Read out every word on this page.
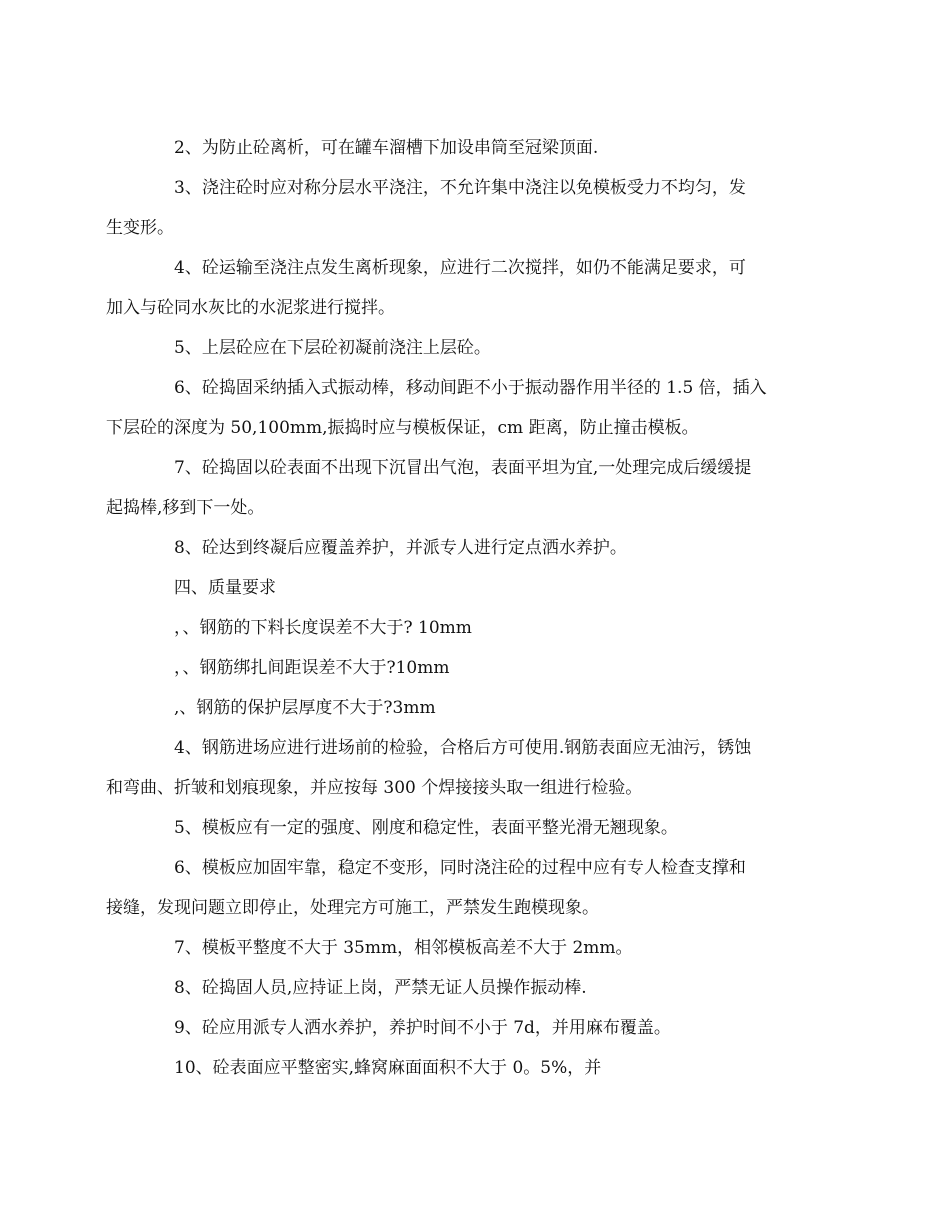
2、为防止砼离析，可在罐车溜槽下加设串筒至冠梁顶面.

3、浇注砼时应对称分层水平浇注，不允许集中浇注以免模板受力不均匀，发
生变形。

4、砼运输至浇注点发生离析现象，应进行二次搅拌，如仍不能满足要求，可
加入与砼同水灰比的水泥浆进行搅拌。

5、上层砼应在下层砼初凝前浇注上层砼。

6、砼捣固采纳插入式振动棒，移动间距不小于振动器作用半径的 1.5 倍，插入
下层砼的深度为 50,100mm,振捣时应与模板保证，cm 距离，防止撞击模板。

7、砼捣固以砼表面不出现下沉冒出气泡，表面平坦为宜,一处理完成后缓缓提
起捣棒,移到下一处。

8、砼达到终凝后应覆盖养护，并派专人进行定点洒水养护。

四、质量要求

，、钢筋的下料长度误差不大于? 10mm

，、钢筋绑扎间距误差不大于?10mm

,、钢筋的保护层厚度不大于?3mm

4、钢筋进场应进行进场前的检验，合格后方可使用.钢筋表面应无油污，锈蚀
和弯曲、折皱和划痕现象，并应按每 300 个焊接接头取一组进行检验。

5、模板应有一定的强度、刚度和稳定性，表面平整光滑无翘现象。

6、模板应加固牢靠，稳定不变形，同时浇注砼的过程中应有专人检查支撑和
接缝，发现问题立即停止，处理完方可施工，严禁发生跑模现象。

7、模板平整度不大于 35mm，相邻模板高差不大于 2mm。

8、砼捣固人员,应持证上岗，严禁无证人员操作振动棒.

9、砼应用派专人洒水养护，养护时间不小于 7d，并用麻布覆盖。

10、砼表面应平整密实,蜂窝麻面面积不大于 0。5%，并
